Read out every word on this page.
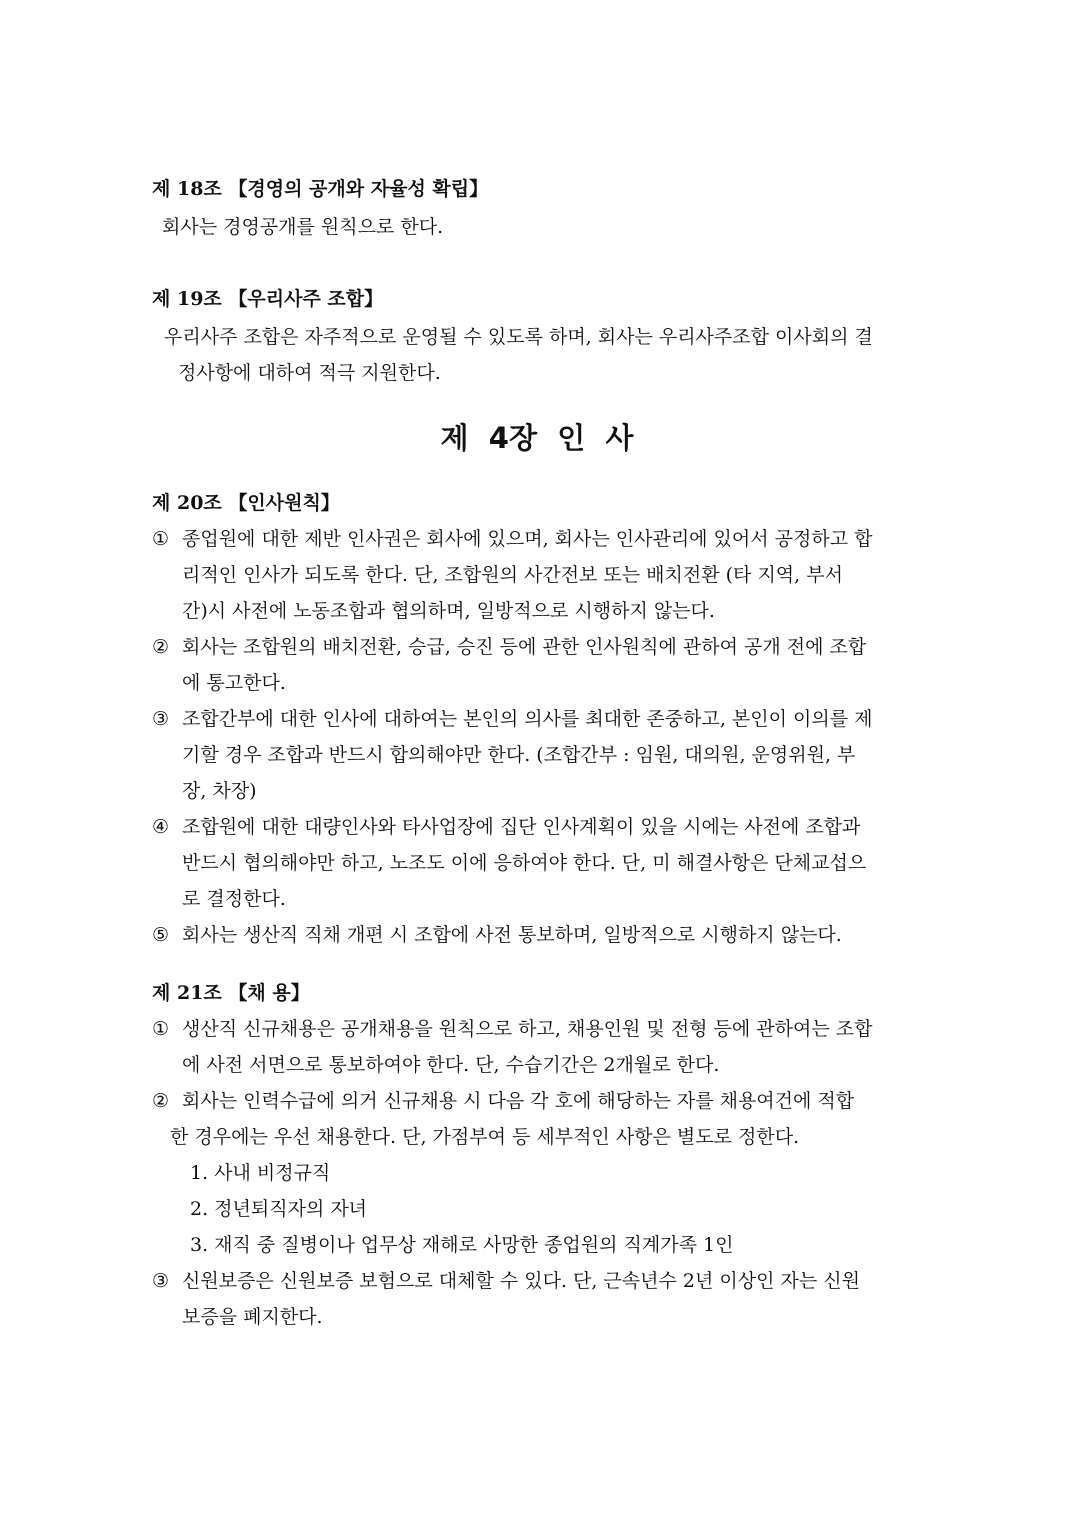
제 18조 【경영의 공개와 자율성 확립】
회사는 경영공개를 원칙으로 한다.
제 19조 【우리사주 조합】
우리사주 조합은 자주적으로 운영될 수 있도록 하며, 회사는 우리사주조합 이사회의 결
정사항에 대하여 적극 지원한다.
제 4장 인 사
제 20조 【인사원칙】
① 종업원에 대한 제반 인사권은 회사에 있으며, 회사는 인사관리에 있어서 공정하고 합
리적인 인사가 되도록 한다. 단, 조합원의 사간전보 또는 배치전환 (타 지역, 부서
간)시 사전에 노동조합과 협의하며, 일방적으로 시행하지 않는다.
② 회사는 조합원의 배치전환, 승급, 승진 등에 관한 인사원칙에 관하여 공개 전에 조합
에 통고한다.
③ 조합간부에 대한 인사에 대하여는 본인의 의사를 최대한 존중하고, 본인이 이의를 제
기할 경우 조합과 반드시 합의해야만 한다. (조합간부 : 임원, 대의원, 운영위원, 부
장, 차장)
④ 조합원에 대한 대량인사와 타사업장에 집단 인사계획이 있을 시에는 사전에 조합과
반드시 협의해야만 하고, 노조도 이에 응하여야 한다. 단, 미 해결사항은 단체교섭으
로 결정한다.
⑤ 회사는 생산직 직채 개편 시 조합에 사전 통보하며, 일방적으로 시행하지 않는다.
제 21조 【채 용】
① 생산직 신규채용은 공개채용을 원칙으로 하고, 채용인원 및 전형 등에 관하여는 조합
에 사전 서면으로 통보하여야 한다. 단, 수습기간은 2개월로 한다.
② 회사는 인력수급에 의거 신규채용 시 다음 각 호에 해당하는 자를 채용여건에 적합
한 경우에는 우선 채용한다. 단, 가점부여 등 세부적인 사항은 별도로 정한다.
1. 사내 비정규직
2. 정년퇴직자의 자녀
3. 재직 중 질병이나 업무상 재해로 사망한 종업원의 직계가족 1인
③ 신원보증은 신원보증 보험으로 대체할 수 있다. 단, 근속년수 2년 이상인 자는 신원
보증을 폐지한다.
